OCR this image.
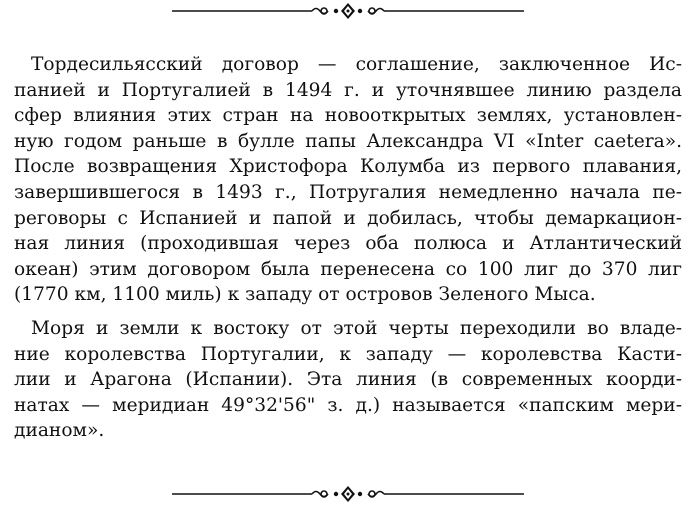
Тордесильясский договор — соглашение, заключенное Ис-
панией и Португалией в 1494 г. и уточнявшее линию раздела
сфер влияния этих стран на новооткрытых землях, установлен-
ную годом раньше в булле папы Александра VI «Inter caetera».
После возвращения Христофора Колумба из первого плавания,
завершившегося в 1493 г., Потругалия немедленно начала пе-
реговоры с Испанией и папой и добилась, чтобы демаркацион-
ная линия (проходившая через оба полюса и Атлантический
океан) этим договором была перенесена со 100 лиг до 370 лиг
(1770 км, 1100 миль) к западу от островов Зеленого Мыса.
Моря и земли к востоку от этой черты переходили во владе-
ние королевства Португалии, к западу — королевства Касти-
лии и Арагона (Испании). Эта линия (в современных коорди-
натах — меридиан 49°32'56" з. д.) называется «папским мери-
дианом».
